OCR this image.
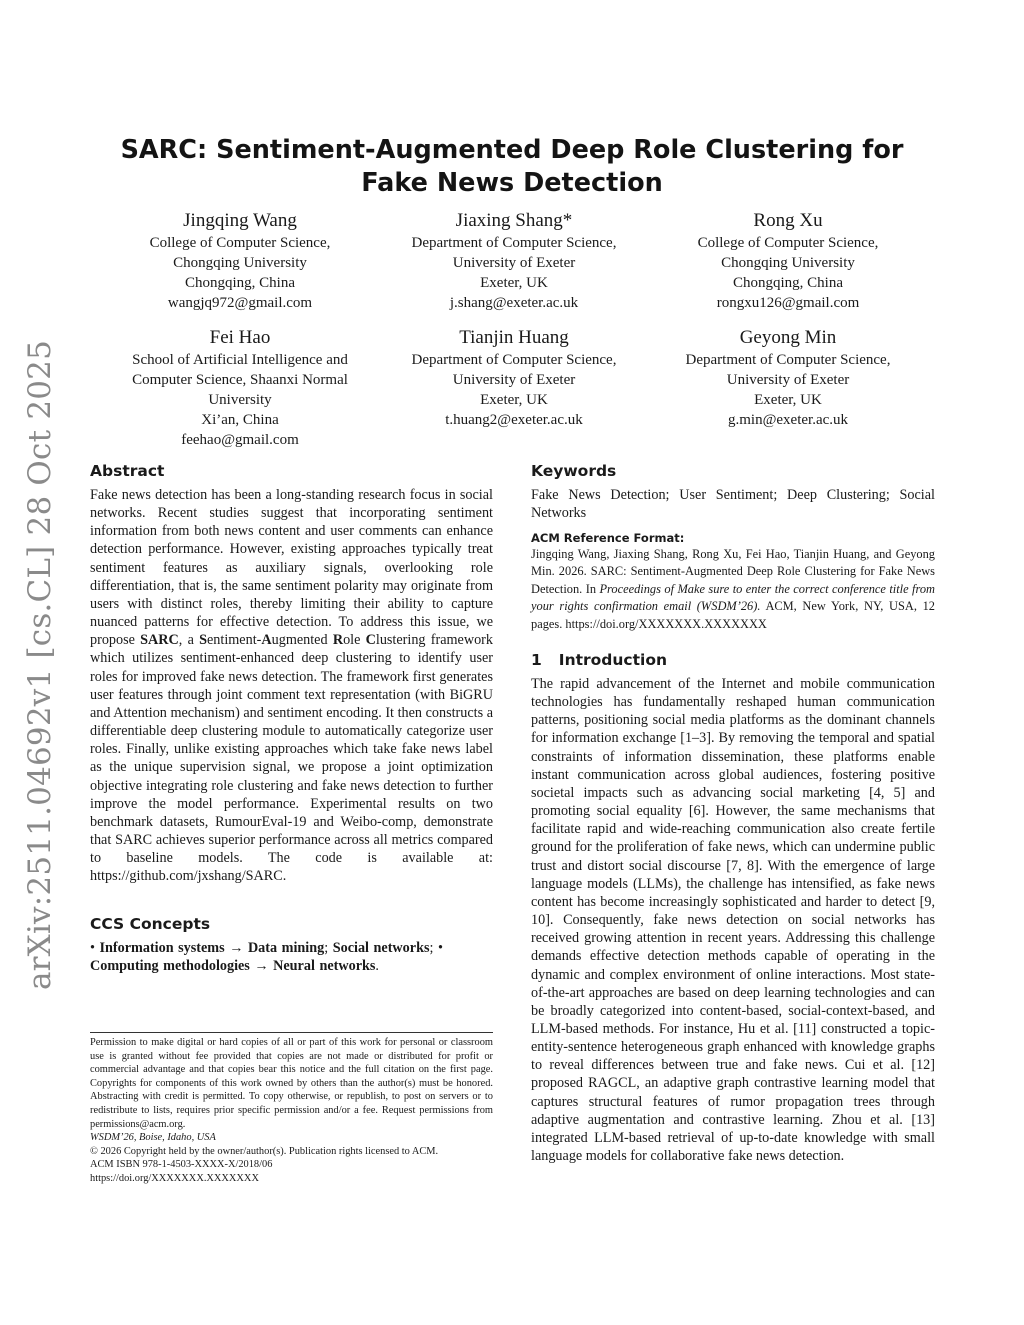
arXiv:2511.04692v1 [cs.CL] 28 Oct 2025
SARC: Sentiment-Augmented Deep Role Clustering for Fake News Detection
Jingqing Wang
College of Computer Science,
Chongqing University
Chongqing, China
wangjq972@gmail.com
Jiaxing Shang*
Department of Computer Science,
University of Exeter
Exeter, UK
j.shang@exeter.ac.uk
Rong Xu
College of Computer Science,
Chongqing University
Chongqing, China
rongxu126@gmail.com
Fei Hao
School of Artificial Intelligence and
Computer Science, Shaanxi Normal
University
Xi’an, China
feehao@gmail.com
Tianjin Huang
Department of Computer Science,
University of Exeter
Exeter, UK
t.huang2@exeter.ac.uk
Geyong Min
Department of Computer Science,
University of Exeter
Exeter, UK
g.min@exeter.ac.uk
Abstract

Fake news detection has been a long-standing research focus in social networks. Recent studies suggest that incorporating sentiment information from both news content and user comments can enhance detection performance. However, existing approaches typically treat sentiment features as auxiliary signals, overlooking role differentiation, that is, the same sentiment polarity may originate from users with distinct roles, thereby limiting their ability to capture nuanced patterns for effective detection. To address this issue, we propose SARC, a Sentiment-Augmented Role Clustering framework which utilizes sentiment-enhanced deep clustering to identify user roles for improved fake news detection. The framework first generates user features through joint comment text representation (with BiGRU and Attention mechanism) and sentiment encoding. It then constructs a differentiable deep clustering module to automatically categorize user roles. Finally, unlike existing approaches which take fake news label as the unique supervision signal, we propose a joint optimization objective integrating role clustering and fake news detection to further improve the model performance. Experimental results on two benchmark datasets, RumourEval-19 and Weibo-comp, demonstrate that SARC achieves superior performance across all metrics compared to baseline models. The code is available at: https://github.com/jxshang/SARC.

CCS Concepts

• Information systems → Data mining; Social networks; • Computing methodologies → Neural networks.

Permission to make digital or hard copies of all or part of this work for personal or classroom use is granted without fee provided that copies are not made or distributed for profit or commercial advantage and that copies bear this notice and the full citation on the first page. Copyrights for components of this work owned by others than the author(s) must be honored. Abstracting with credit is permitted. To copy otherwise, or republish, to post on servers or to redistribute to lists, requires prior specific permission and/or a fee. Request permissions from permissions@acm.org.
WSDM’26, Boise, Idaho, USA
© 2026 Copyright held by the owner/author(s). Publication rights licensed to ACM.
ACM ISBN 978-1-4503-XXXX-X/2018/06
https://doi.org/XXXXXXX.XXXXXXX
Keywords

Fake News Detection; User Sentiment; Deep Clustering; Social Networks

ACM Reference Format:

Jingqing Wang, Jiaxing Shang, Rong Xu, Fei Hao, Tianjin Huang, and Geyong Min. 2026. SARC: Sentiment-Augmented Deep Role Clustering for Fake News Detection. In Proceedings of Make sure to enter the correct conference title from your rights confirmation email (WSDM’26). ACM, New York, NY, USA, 12 pages. https://doi.org/XXXXXXX.XXXXXXX

1 Introduction

The rapid advancement of the Internet and mobile communication technologies has fundamentally reshaped human communication patterns, positioning social media platforms as the dominant channels for information exchange [1–3]. By removing the temporal and spatial constraints of information dissemination, these platforms enable instant communication across global audiences, fostering positive societal impacts such as advancing social marketing [4, 5] and promoting social equality [6]. However, the same mechanisms that facilitate rapid and wide-reaching communication also create fertile ground for the proliferation of fake news, which can undermine public trust and distort social discourse [7, 8]. With the emergence of large language models (LLMs), the challenge has intensified, as fake news content has become increasingly sophisticated and harder to detect [9, 10]. Consequently, fake news detection on social networks has received growing attention in recent years. Addressing this challenge demands effective detection methods capable of operating in the dynamic and complex environment of online interactions. Most state-of-the-art approaches are based on deep learning technologies and can be broadly categorized into content-based, social-context-based, and LLM-based methods. For instance, Hu et al. [11] constructed a topic-entity-sentence heterogeneous graph enhanced with knowledge graphs to reveal differences between true and fake news. Cui et al. [12] proposed RAGCL, an adaptive graph contrastive learning model that captures structural features of rumor propagation trees through adaptive augmentation and contrastive learning. Zhou et al. [13] integrated LLM-based retrieval of up-to-date knowledge with small language models for collaborative fake news detection.
